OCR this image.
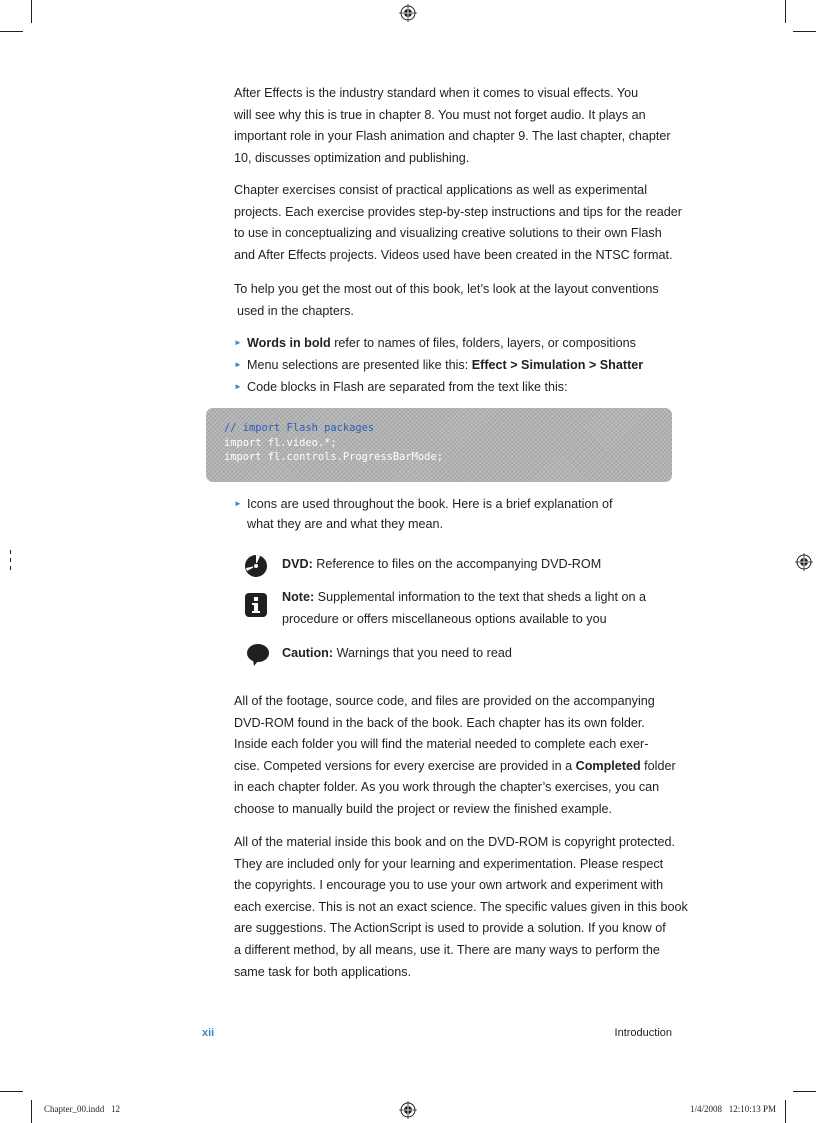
After Effects is the industry standard when it comes to visual effects. You

will see why this is true in chapter 8. You must not forget audio. It plays an

important role in your Flash animation and chapter 9. The last chapter, chapter

10, discusses optimization and publishing.

Chapter exercises consist of practical applications as well as experimental

projects. Each exercise provides step-by-step instructions and tips for the reader

to use in conceptualizing and visualizing creative solutions to their own Flash

and After Effects projects. Videos used have been created in the NTSC format.

To help you get the most out of this book, let’s look at the layout conventions

used in the chapters.

► Words in bold refer to names of files, folders, layers, or compositions
► Menu selections are presented like this: Effect > Simulation > Shatter
► Code blocks in Flash are separated from the text like this:
// import Flash packages
import fl.video.*;
import fl.controls.ProgressBarMode;
► Icons are used throughout the book. Here is a brief explanation of
what they are and what they mean.
DVD: Reference to files on the accompanying DVD-ROM
Note: Supplemental information to the text that sheds a light on a
procedure or offers miscellaneous options available to you
Caution: Warnings that you need to read

All of the footage, source code, and files are provided on the accompanying

DVD-ROM found in the back of the book. Each chapter has its own folder.

Inside each folder you will find the material needed to complete each exer-

cise. Competed versions for every exercise are provided in a Completed folder

in each chapter folder. As you work through the chapter’s exercises, you can

choose to manually build the project or review the finished example.

All of the material inside this book and on the DVD-ROM is copyright protected.

They are included only for your learning and experimentation. Please respect

the copyrights. I encourage you to use your own artwork and experiment with

each exercise. This is not an exact science. The specific values given in this book

are suggestions. The ActionScript is used to provide a solution. If you know of

a different method, by all means, use it. There are many ways to perform the

same task for both applications.

xii	Introduction
Chapter_00.indd   12	1/4/2008   12:10:13 PM
